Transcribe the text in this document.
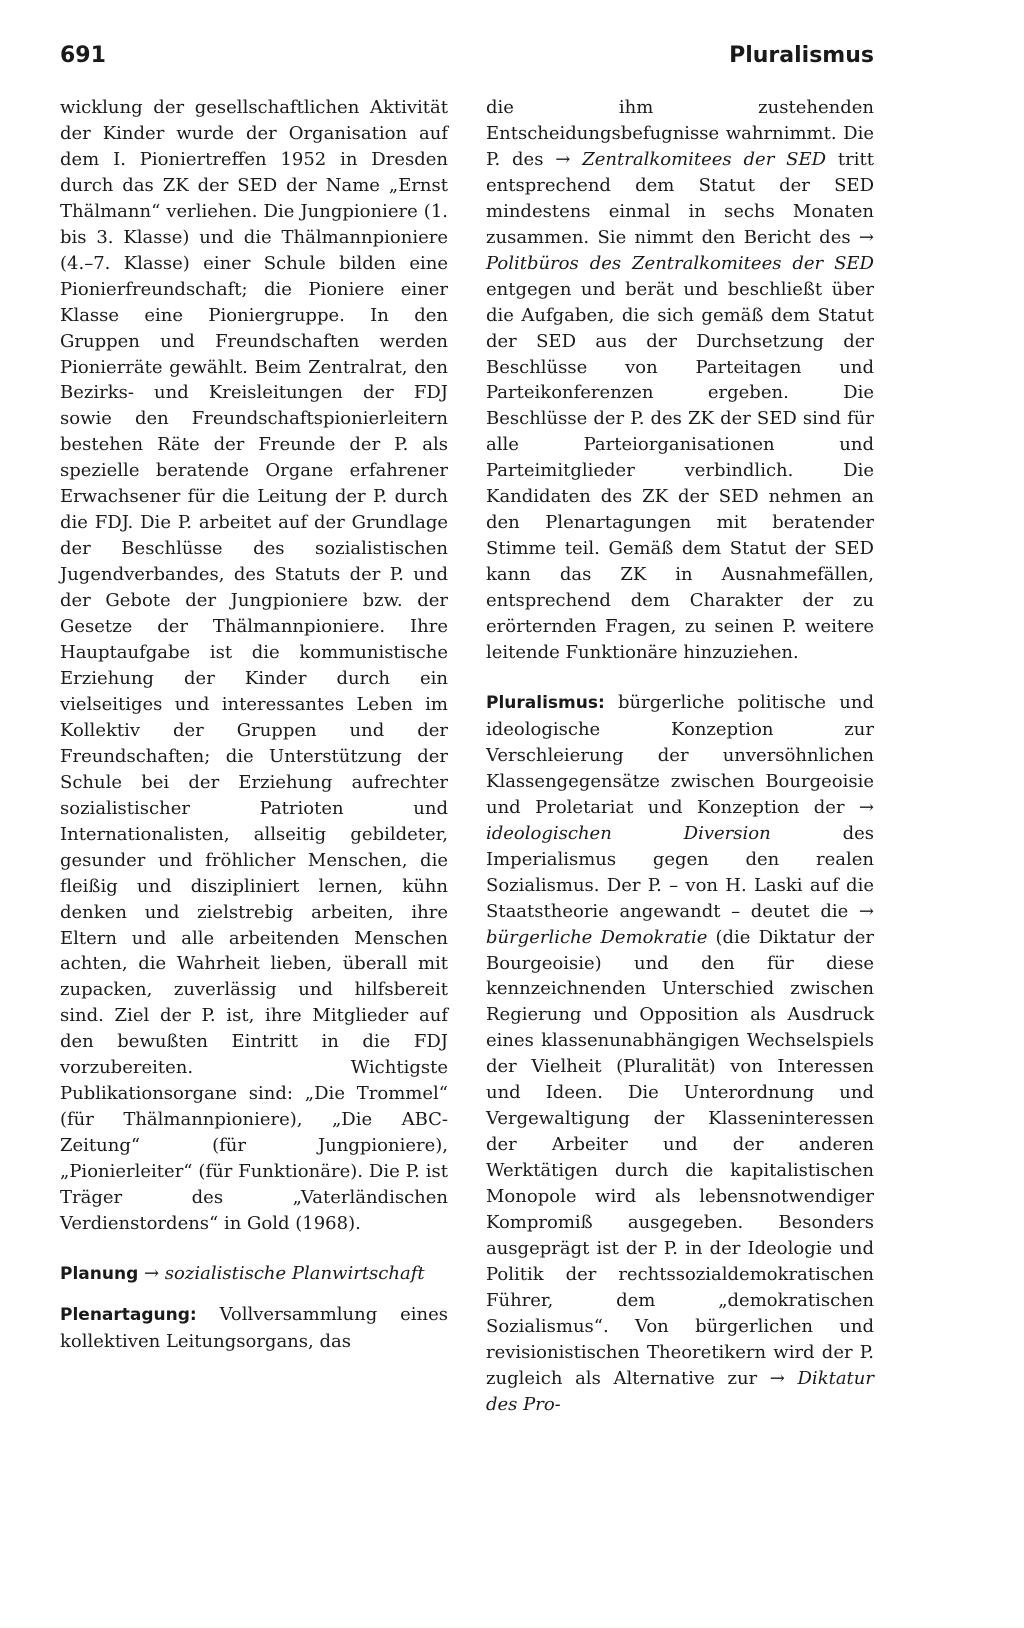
691	Pluralismus

wicklung der gesellschaftlichen Aktivität der Kinder wurde der Organisation auf dem I. Pioniertreffen 1952 in Dresden durch das ZK der SED der Name „Ernst Thälmann“ verliehen. Die Jungpioniere (1. bis 3. Klasse) und die Thälmannpioniere (4.–7. Klasse) einer Schule bilden eine Pionierfreundschaft; die Pioniere einer Klasse eine Pioniergruppe. In den Gruppen und Freundschaften werden Pionierräte gewählt. Beim Zentralrat, den Bezirks- und Kreisleitungen der FDJ sowie den Freundschaftspionierleitern bestehen Räte der Freunde der P. als spezielle beratende Organe erfahrener Erwachsener für die Leitung der P. durch die FDJ. Die P. arbeitet auf der Grundlage der Beschlüsse des sozialistischen Jugendverbandes, des Statuts der P. und der Gebote der Jungpioniere bzw. der Gesetze der Thälmannpioniere. Ihre Hauptaufgabe ist die kommunistische Erziehung der Kinder durch ein vielseitiges und interessantes Leben im Kollektiv der Gruppen und der Freundschaften; die Unterstützung der Schule bei der Erziehung aufrechter sozialistischer Patrioten und Internationalisten, allseitig gebildeter, gesunder und fröhlicher Menschen, die fleißig und diszipliniert lernen, kühn denken und zielstrebig arbeiten, ihre Eltern und alle arbeitenden Menschen achten, die Wahrheit lieben, überall mit zupacken, zuverlässig und hilfsbereit sind. Ziel der P. ist, ihre Mitglieder auf den bewußten Eintritt in die FDJ vorzubereiten. Wichtigste Publikationsorgane sind: „Die Trommel“ (für Thälmannpioniere), „Die ABC-Zeitung“ (für Jungpioniere), „Pionierleiter“ (für Funktionäre). Die P. ist Träger des „Vaterländischen Verdienstordens“ in Gold (1968).

Planung → sozialistische Planwirtschaft

Plenartagung: Vollversammlung eines kollektiven Leitungsorgans, das

die ihm zustehenden Entscheidungsbefugnisse wahrnimmt. Die P. des → Zentralkomitees der SED tritt entsprechend dem Statut der SED mindestens einmal in sechs Monaten zusammen. Sie nimmt den Bericht des → Politbüros des Zentralkomitees der SED entgegen und berät und beschließt über die Aufgaben, die sich gemäß dem Statut der SED aus der Durchsetzung der Beschlüsse von Parteitagen und Parteikonferenzen ergeben. Die Beschlüsse der P. des ZK der SED sind für alle Parteiorganisationen und Parteimitglieder verbindlich. Die Kandidaten des ZK der SED nehmen an den Plenartagungen mit beratender Stimme teil. Gemäß dem Statut der SED kann das ZK in Ausnahmefällen, entsprechend dem Charakter der zu erörternden Fragen, zu seinen P. weitere leitende Funktionäre hinzuziehen.

Pluralismus: bürgerliche politische und ideologische Konzeption zur Verschleierung der unversöhnlichen Klassengegensätze zwischen Bourgeoisie und Proletariat und Konzeption der → ideologischen Diversion des Imperialismus gegen den realen Sozialismus. Der P. – von H. Laski auf die Staatstheorie angewandt – deutet die → bürgerliche Demokratie (die Diktatur der Bourgeoisie) und den für diese kennzeichnenden Unterschied zwischen Regierung und Opposition als Ausdruck eines klassenunabhängigen Wechselspiels der Vielheit (Pluralität) von Interessen und Ideen. Die Unterordnung und Vergewaltigung der Klasseninteressen der Arbeiter und der anderen Werktätigen durch die kapitalistischen Monopole wird als lebensnotwendiger Kompromiß ausgegeben. Besonders ausgeprägt ist der P. in der Ideologie und Politik der rechtssozialdemokratischen Führer, dem „demokratischen Sozialismus“. Von bürgerlichen und revisionistischen Theoretikern wird der P. zugleich als Alternative zur → Diktatur des Pro-
